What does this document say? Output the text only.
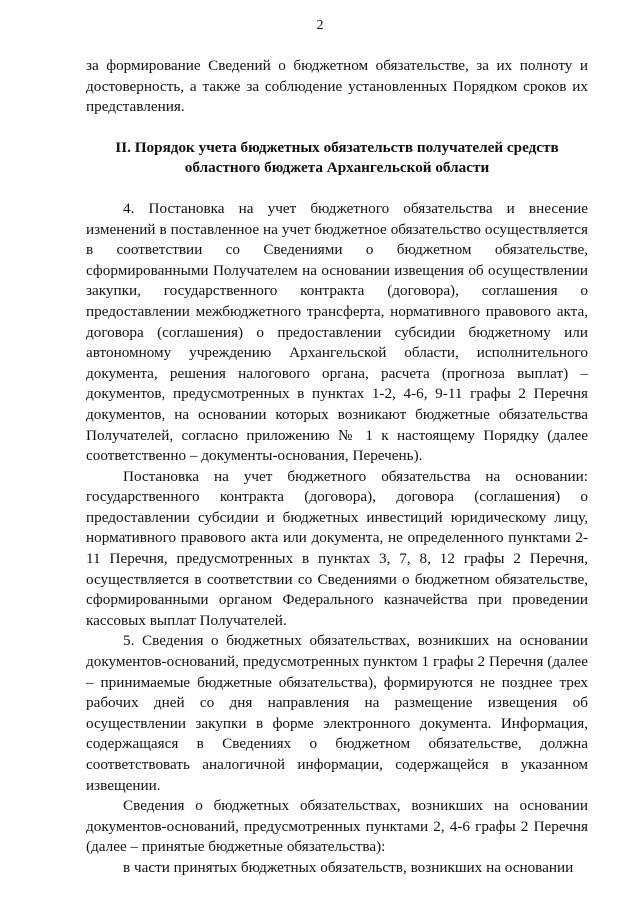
2

за формирование Сведений о бюджетном обязательстве, за их полноту и достоверность, а также за соблюдение установленных Порядком сроков их представления.

II. Порядок учета бюджетных обязательств получателей средств областного бюджета Архангельской области

4. Постановка на учет бюджетного обязательства и внесение изменений в поставленное на учет бюджетное обязательство осуществляется в соответствии со Сведениями о бюджетном обязательстве, сформированными Получателем на основании извещения об осуществлении закупки, государственного контракта (договора), соглашения о предоставлении межбюджетного трансферта, нормативного правового акта, договора (соглашения) о предоставлении субсидии бюджетному или автономному учреждению Архангельской области, исполнительного документа, решения налогового органа, расчета (прогноза выплат) – документов, предусмотренных в пунктах 1-2, 4-6, 9-11 графы 2 Перечня документов, на основании которых возникают бюджетные обязательства Получателей, согласно приложению № 1 к настоящему Порядку (далее соответственно – документы-основания, Перечень).

Постановка на учет бюджетного обязательства на основании: государственного контракта (договора), договора (соглашения) о предоставлении субсидии и бюджетных инвестиций юридическому лицу, нормативного правового акта или документа, не определенного пунктами 2-11 Перечня, предусмотренных в пунктах 3, 7, 8, 12 графы 2 Перечня, осуществляется в соответствии со Сведениями о бюджетном обязательстве, сформированными органом Федерального казначейства при проведении кассовых выплат Получателей.

5. Сведения о бюджетных обязательствах, возникших на основании документов-оснований, предусмотренных пунктом 1 графы 2 Перечня (далее – принимаемые бюджетные обязательства), формируются не позднее трех рабочих дней со дня направления на размещение извещения об осуществлении закупки в форме электронного документа. Информация, содержащаяся в Сведениях о бюджетном обязательстве, должна соответствовать аналогичной информации, содержащейся в указанном извещении.

Сведения о бюджетных обязательствах, возникших на основании документов-оснований, предусмотренных пунктами 2, 4-6 графы 2 Перечня (далее – принятые бюджетные обязательства):

в части принятых бюджетных обязательств, возникших на основании
